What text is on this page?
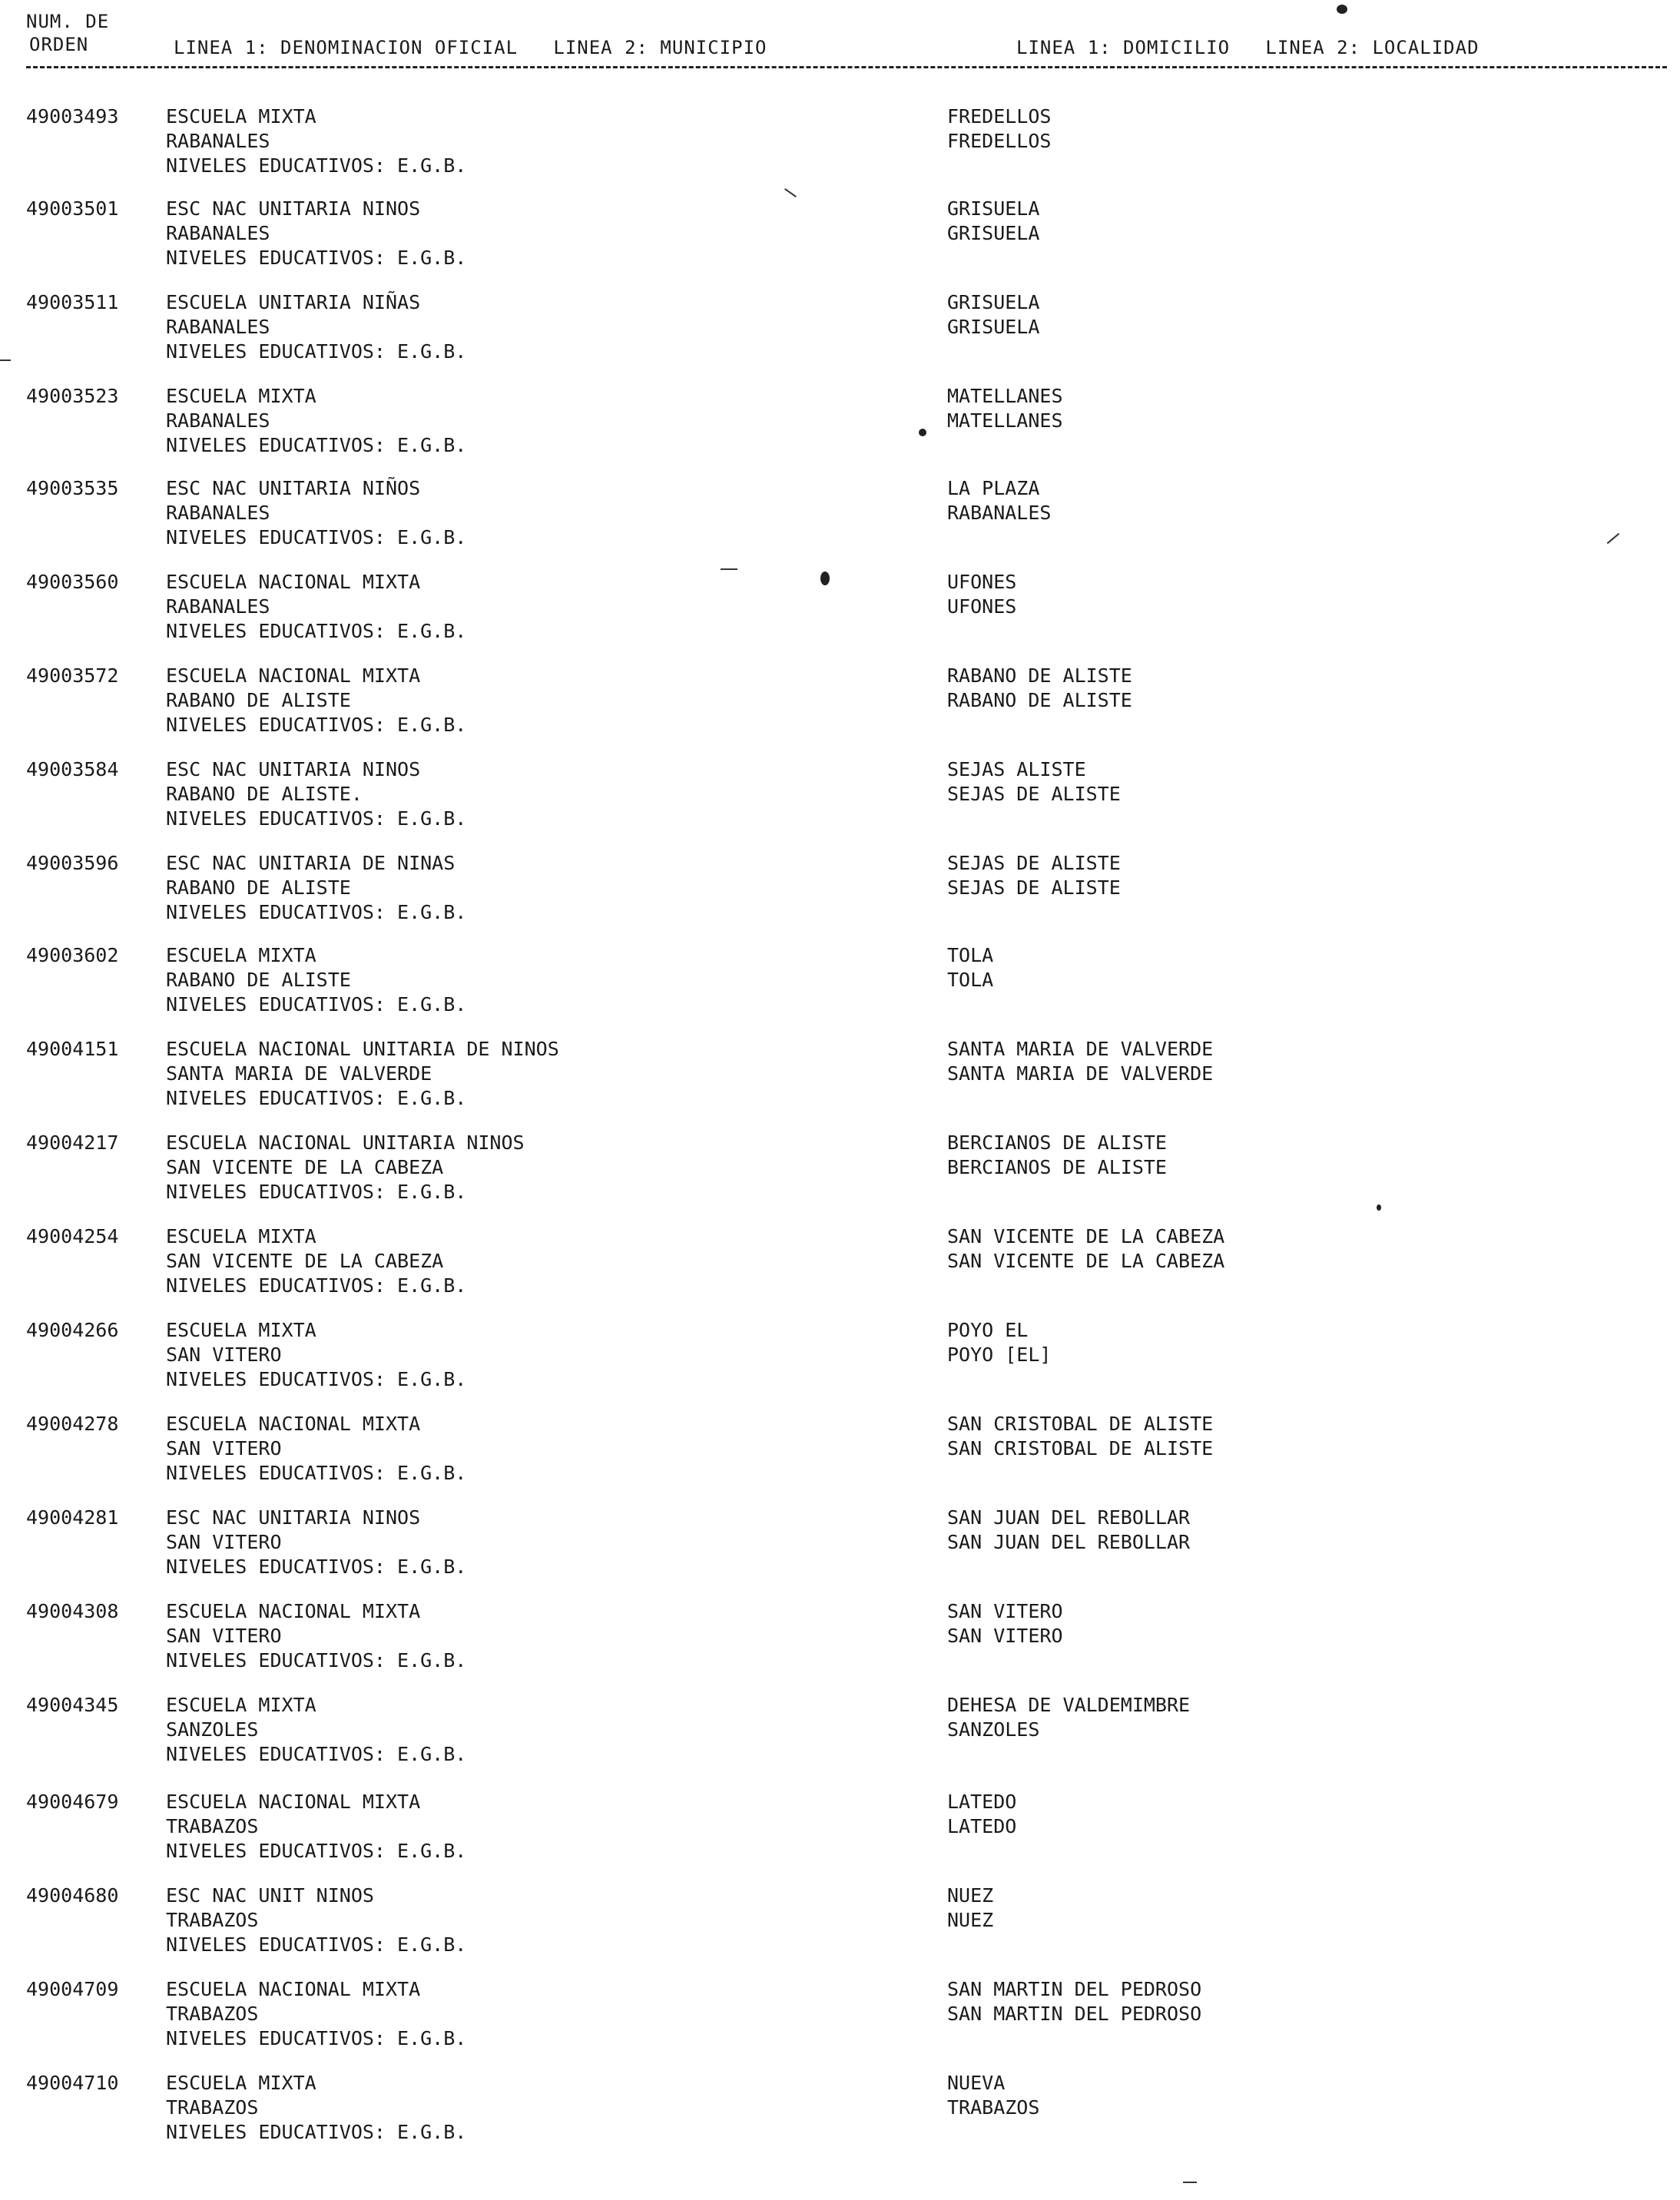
NUM. DE
ORDEN	LINEA 1: DENOMINACION OFICIAL   LINEA 2: MUNICIPIO	LINEA 1: DOMICILIO   LINEA 2: LOCALIDAD
49003493 ESCUELA MIXTA
RABANALES
NIVELES EDUCATIVOS: E.G.B.
FREDELLOS
FREDELLOS
49003501 ESC NAC UNITARIA NINOS
RABANALES
NIVELES EDUCATIVOS: E.G.B.
GRISUELA
GRISUELA
49003511 ESCUELA UNITARIA NIÑAS
RABANALES
NIVELES EDUCATIVOS: E.G.B.
GRISUELA
GRISUELA
49003523 ESCUELA MIXTA
RABANALES
NIVELES EDUCATIVOS: E.G.B.
MATELLANES
MATELLANES
49003535 ESC NAC UNITARIA NIÑOS
RABANALES
NIVELES EDUCATIVOS: E.G.B.
LA PLAZA
RABANALES
49003560 ESCUELA NACIONAL MIXTA
RABANALES
NIVELES EDUCATIVOS: E.G.B.
UFONES
UFONES
49003572 ESCUELA NACIONAL MIXTA
RABANO DE ALISTE
NIVELES EDUCATIVOS: E.G.B.
RABANO DE ALISTE
RABANO DE ALISTE
49003584 ESC NAC UNITARIA NINOS
RABANO DE ALISTE.
NIVELES EDUCATIVOS: E.G.B.
SEJAS ALISTE
SEJAS DE ALISTE
49003596 ESC NAC UNITARIA DE NINAS
RABANO DE ALISTE
NIVELES EDUCATIVOS: E.G.B.
SEJAS DE ALISTE
SEJAS DE ALISTE
49003602 ESCUELA MIXTA
RABANO DE ALISTE
NIVELES EDUCATIVOS: E.G.B.
TOLA
TOLA
49004151 ESCUELA NACIONAL UNITARIA DE NINOS
SANTA MARIA DE VALVERDE
NIVELES EDUCATIVOS: E.G.B.
SANTA MARIA DE VALVERDE
SANTA MARIA DE VALVERDE
49004217 ESCUELA NACIONAL UNITARIA NINOS
SAN VICENTE DE LA CABEZA
NIVELES EDUCATIVOS: E.G.B.
BERCIANOS DE ALISTE
BERCIANOS DE ALISTE
49004254 ESCUELA MIXTA
SAN VICENTE DE LA CABEZA
NIVELES EDUCATIVOS: E.G.B.
SAN VICENTE DE LA CABEZA
SAN VICENTE DE LA CABEZA
49004266 ESCUELA MIXTA
SAN VITERO
NIVELES EDUCATIVOS: E.G.B.
POYO EL
POYO [EL]
49004278 ESCUELA NACIONAL MIXTA
SAN VITERO
NIVELES EDUCATIVOS: E.G.B.
SAN CRISTOBAL DE ALISTE
SAN CRISTOBAL DE ALISTE
49004281 ESC NAC UNITARIA NINOS
SAN VITERO
NIVELES EDUCATIVOS: E.G.B.
SAN JUAN DEL REBOLLAR
SAN JUAN DEL REBOLLAR
49004308 ESCUELA NACIONAL MIXTA
SAN VITERO
NIVELES EDUCATIVOS: E.G.B.
SAN VITERO
SAN VITERO
49004345 ESCUELA MIXTA
SANZOLES
NIVELES EDUCATIVOS: E.G.B.
DEHESA DE VALDEMIMBRE
SANZOLES
49004679 ESCUELA NACIONAL MIXTA
TRABAZOS
NIVELES EDUCATIVOS: E.G.B.
LATEDO
LATEDO
49004680 ESC NAC UNIT NINOS
TRABAZOS
NIVELES EDUCATIVOS: E.G.B.
NUEZ
NUEZ
49004709 ESCUELA NACIONAL MIXTA
TRABAZOS
NIVELES EDUCATIVOS: E.G.B.
SAN MARTIN DEL PEDROSO
SAN MARTIN DEL PEDROSO
49004710 ESCUELA MIXTA
TRABAZOS
NIVELES EDUCATIVOS: E.G.B.
NUEVA
TRABAZOS
